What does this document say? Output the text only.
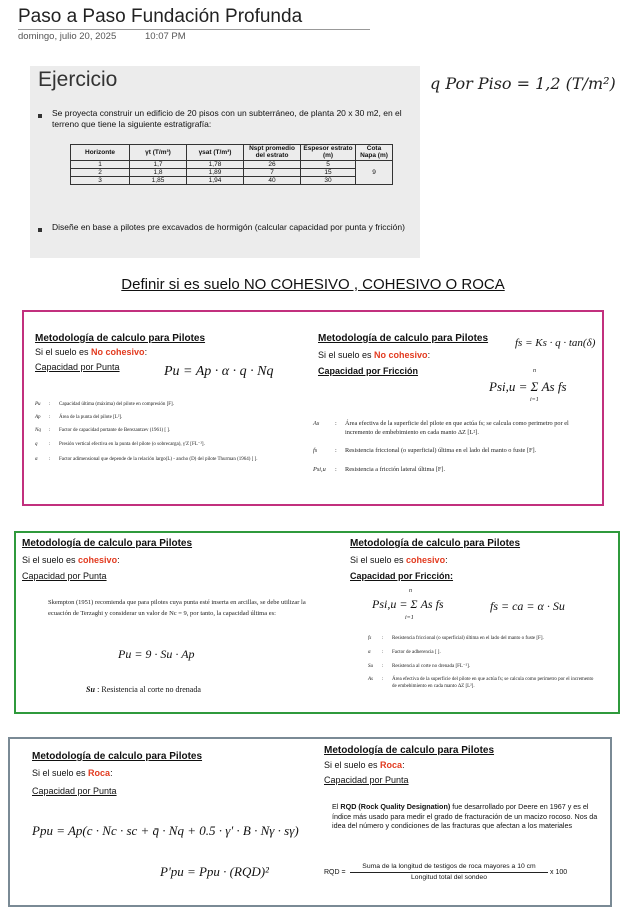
Paso a Paso Fundación Profunda
domingo, julio 20, 2025	10:07 PM
Ejercicio
Se proyecta construir un edificio de 20 pisos con un subterráneo, de planta 20 x 30 m2, en el terreno que tiene la siguiente estratigrafía:
Horizonte	γt (T/m³)	γsat (T/m³)	Nspt promedio del estrato	Espesor estrato (m)	Cota Napa (m)
1	1,7	1,78	26	5	9
2	1,8	1,89	7	15	
3	1,85	1,94	40	30	
Diseñe en base a pilotes pre excavados de hormigón (calcular capacidad por punta y fricción)
q Por Piso = 1,2 (T/m²)
Definir si es suelo NO COHESIVO , COHESIVO O ROCA
Metodología de calculo para Pilotes
Si el suelo es No cohesivo:
Capacidad por Punta	Pu = Ap · α · q · Nq
Pu	:	Capacidad última (máxima) del pilote en compresión [F].
Ap	:	Área de la punta del pilote [L²].
Nq	:	Factor de capacidad portante de Berezantzev (1961) [ ].
q	:	Presión vertical efectiva en la punta del pilote (o sobrecarga), γ'Z [FL⁻²].
α	:	Factor adimensional que depende de la relación largo(L) - ancho (D) del pilote Thurman (1964) [ ].
Metodología de calculo para Pilotes fs = Ks · q · tan(δ)
Si el suelo es No cohesivo:
Capacidad por Fricción	n
Psi,u = Σ As fs
i=1
As	:	Área efectiva de la superficie del pilote en que actúa fs; se calcula como perimetro por el incremento de embebimiento en cada manto ΔZ [L²].
fs	:	Resistencia friccional (o superficial) última en el lado del manto o fuste [F].
Psi,u	:	Resistencia a fricción lateral última [F].
Metodología de calculo para Pilotes
Si el suelo es cohesivo:
Capacidad por Punta
Skempton (1951) recomienda que para pilotes cuya punta esté inserta en arcillas, se debe utilizar la ecuación de Terzaghi y considerar un valor de Nc = 9, por tanto, la capacidad última es:
Pu = 9 · Su · Ap
Su : Resistencia al corte no drenada
Metodología de calculo para Pilotes
Si el suelo es cohesivo:
Capacidad por Fricción:
n
Psi,u = Σ As fs
i=1
fs = ca = α · Su
fs	:	Resistencia friccional (o superficial) última en el lado del manto o fuste [F].
α	:	Factor de adherencia [ ].
Su	:	Resistencia al corte no drenada [FL⁻²].
As	:	Área efectiva de la superficie del pilote en que actúa fs; se calcula como perimetro por el incremento de embebimiento en cada manto ΔZ [L²].
Metodología de calculo para Pilotes
Si el suelo es Roca:
Capacidad por Punta
Ppu = Ap(c · Nc · sc + q̄ · Nq + 0.5 · γ' · B · Nγ · sγ)
P'pu = Ppu · (RQD)²
Metodología de calculo para Pilotes
Si el suelo es Roca:
Capacidad por Punta
El RQD (Rock Quality Designation) fue desarrollado por Deere en 1967 y es el índice más usado para medir el grado de fracturación de un macizo rocoso. Nos da idea del número y condiciones de las fracturas que afectan a los materiales
RQD =
Suma de la longitud de testigos de roca mayores a 10 cm
Longitud total del sondeo
x 100
